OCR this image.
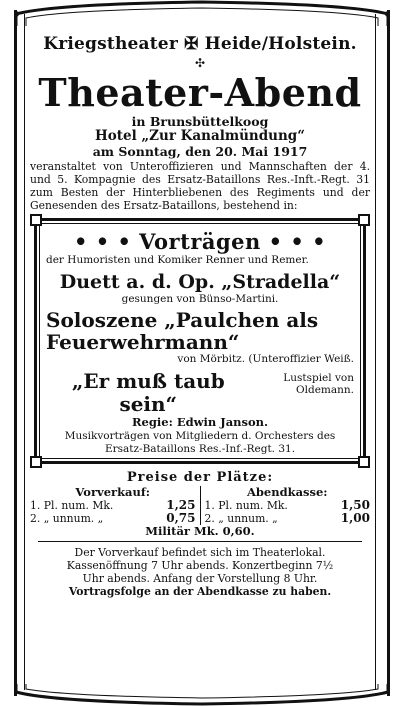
Kriegstheater ✠ Heide/Holstein.
✣
Theater-Abend
in Brunsbüttelkoog
Hotel „Zur Kanalmündung“
am Sonntag, den 20. Mai 1917
veranstaltet von Unteroffizieren und Mannschaften der 4. und 5. Kompagnie des Ersatz-Bataillons Res.-Inft.-Regt. 31 zum Besten der Hinterbliebenen des Regiments und der Genesenden des Ersatz-Bataillons, bestehend in:
• • • Vorträgen • • •
der Humoristen und Komiker Renner und Remer.
Duett a. d. Op. „Stradella“
gesungen von Bünso-Martini.
Soloszene „Paulchen als Feuerwehrmann“
von Mörbitz. (Unteroffizier Weiß.
„Er muß taub sein“
Lustspiel von Oldemann.
Regie: Edwin Janson.
Musikvorträgen von Mitgliedern d. Orchesters des Ersatz-Bataillons Res.-Inf.-Regt. 31.
Preise der Plätze:
Vorverkauf:
1. Pl. num. Mk.	1,25
2. „ unnum. „	0,75
Abendkasse:
1. Pl. num. Mk.	1,50
2. „ unnum. „	1,00
Militär Mk. 0,60.
Der Vorverkauf befindet sich im Theaterlokal.
Kassenöffnung 7 Uhr abends. Konzertbeginn 7½
Uhr abends. Anfang der Vorstellung 8 Uhr.
Vortragsfolge an der Abendkasse zu haben.
